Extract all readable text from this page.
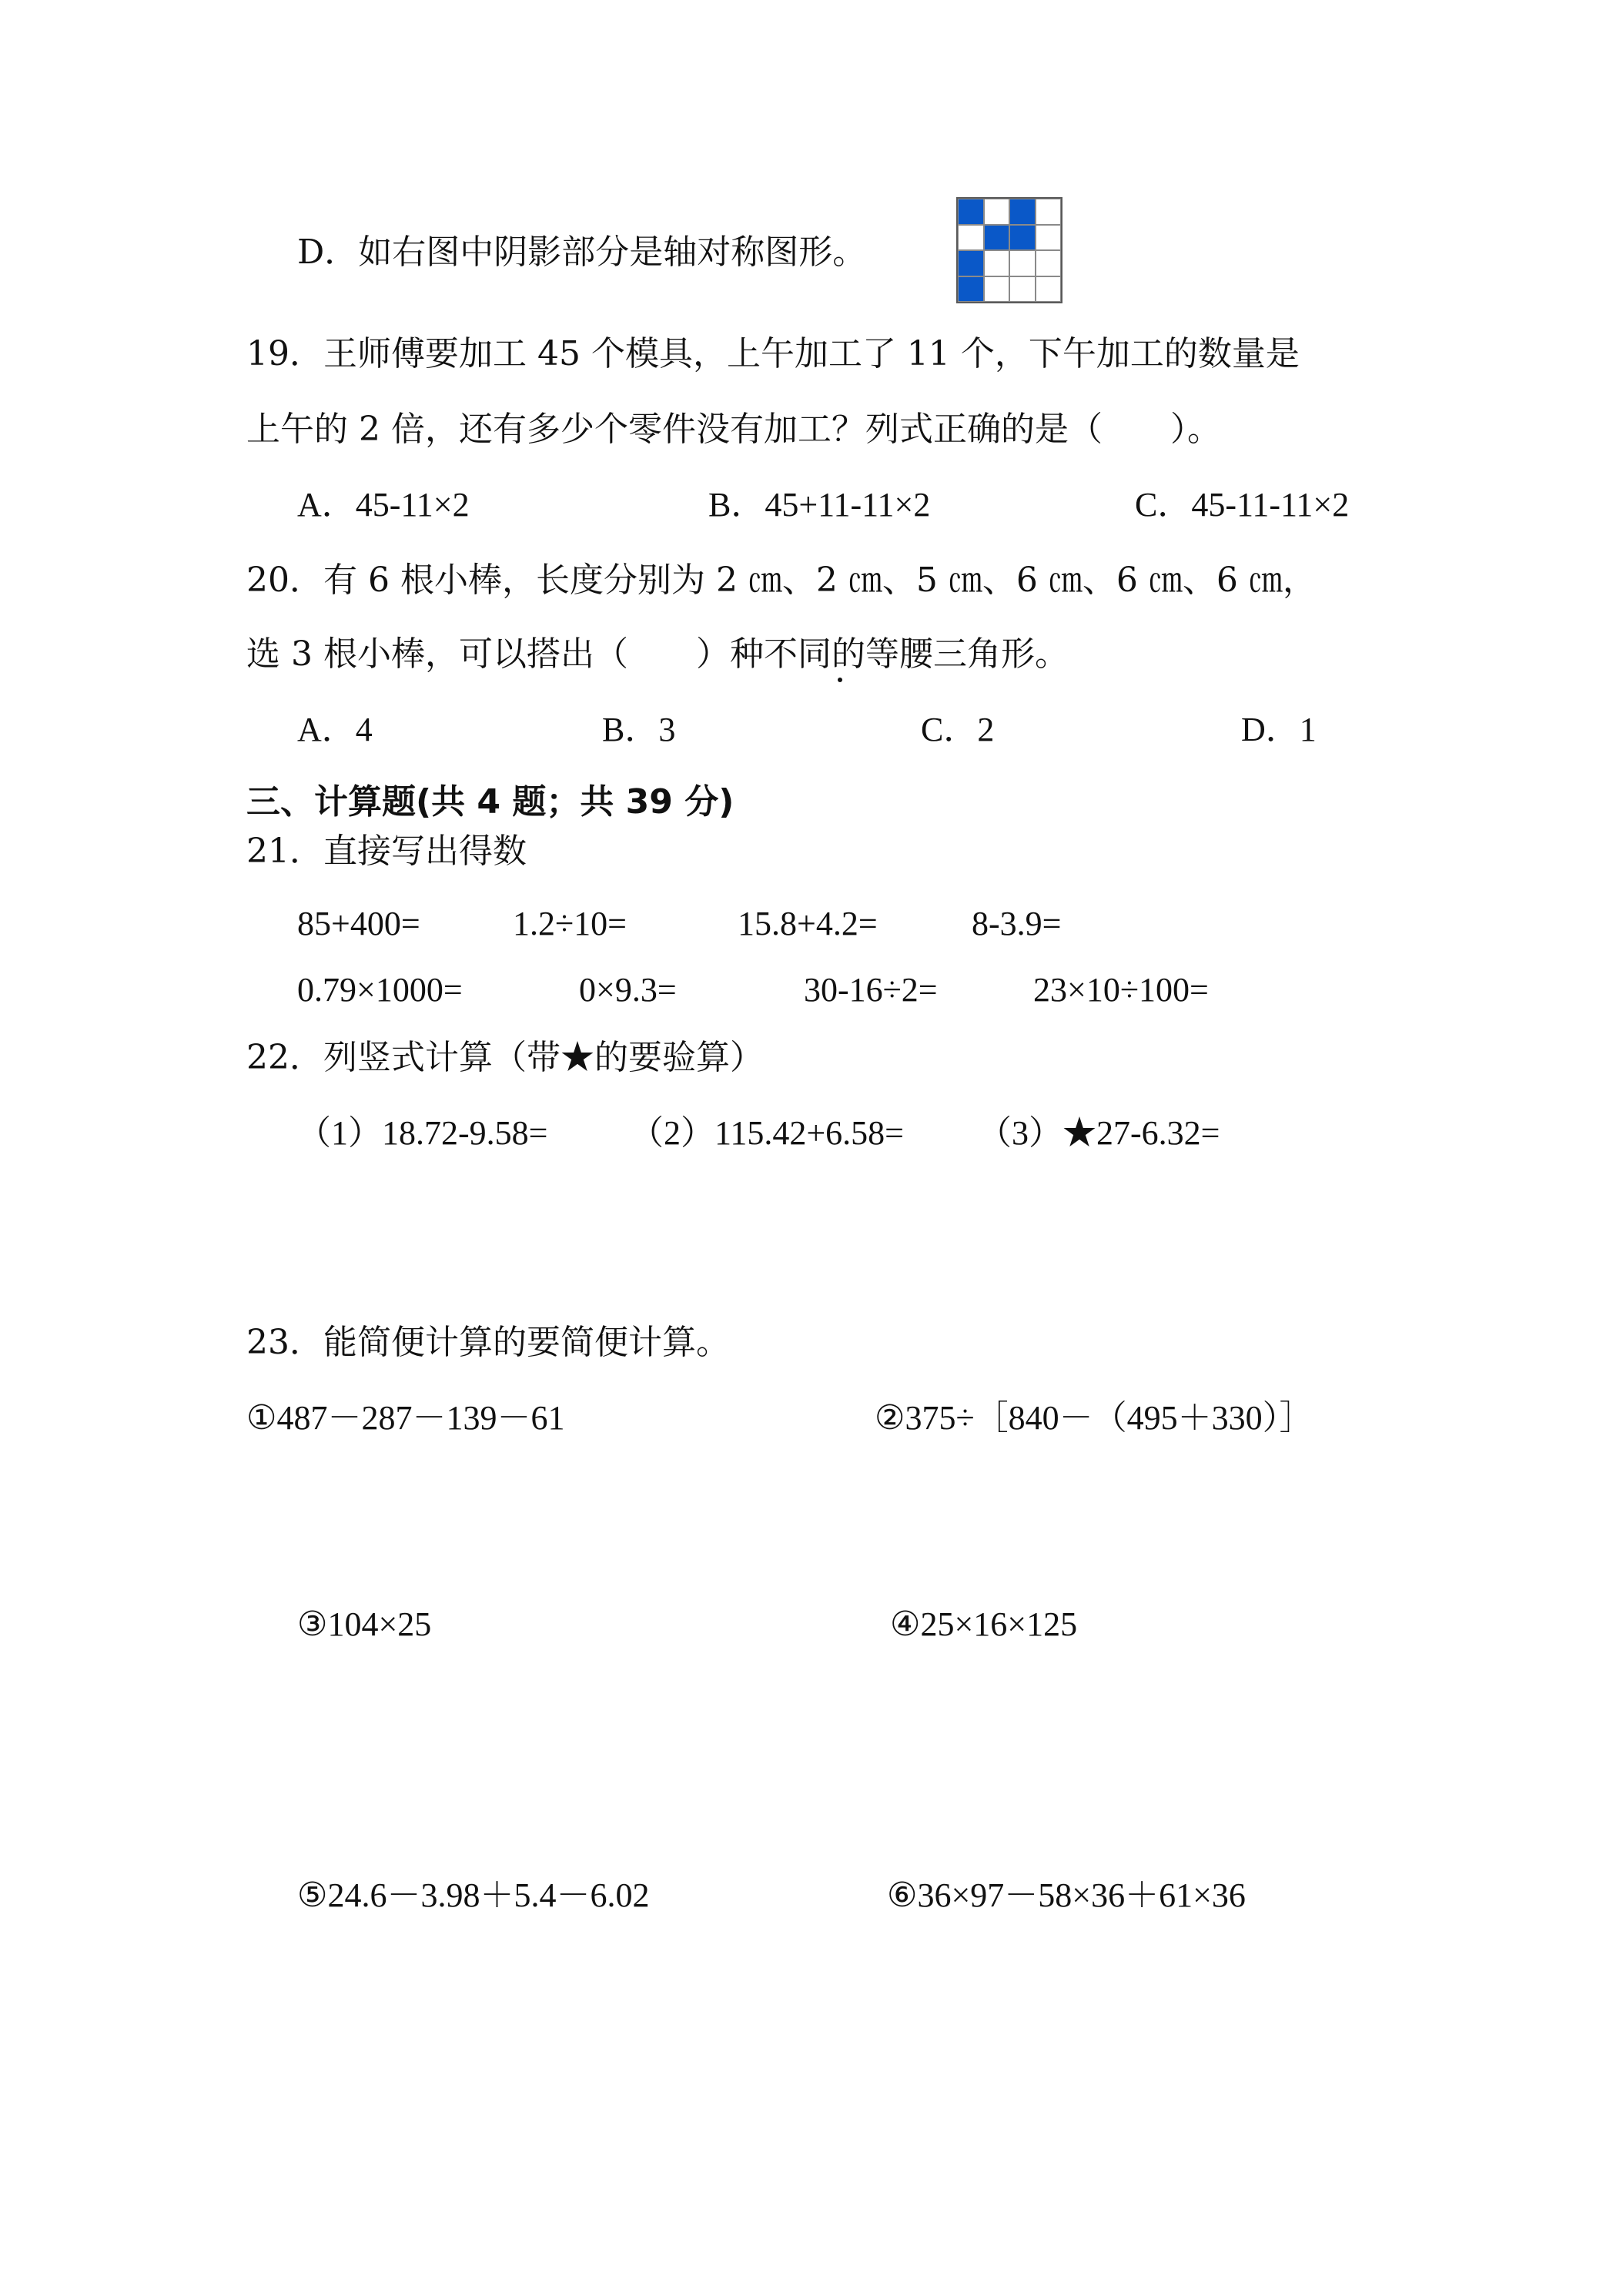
D．如右图中阴影部分是轴对称图形。
19．王师傅要加工 45 个模具，上午加工了 11 个，下午加工的数量是
上午的 2 倍，还有多少个零件没有加工？列式正确的是（　　）。
A．45-11×2	B．45+11-11×2	C．45-11-11×2
20．有 6 根小棒，长度分别为 2 ㎝、2 ㎝、5 ㎝、6 ㎝、6 ㎝、6 ㎝，
选 3 根小棒，可以搭出（　　）种不同的等腰三角形。
A．4	B．3	C．2	D．1
三、计算题(共 4 题；共 39 分)
21．直接写出得数
85+400=	1.2÷10=	15.8+4.2=	8-3.9=
0.79×1000=	0×9.3=	30-16÷2=	23×10÷100=
22．列竖式计算（带★的要验算）
（1）18.72-9.58= （2）115.42+6.58= （3）★27-6.32=
23．能简便计算的要简便计算。
①487－287－139－61	②375÷［840－（495＋330）］
③104×25	④25×16×125
⑤24.6－3.98＋5.4－6.02	⑥36×97－58×36＋61×36
